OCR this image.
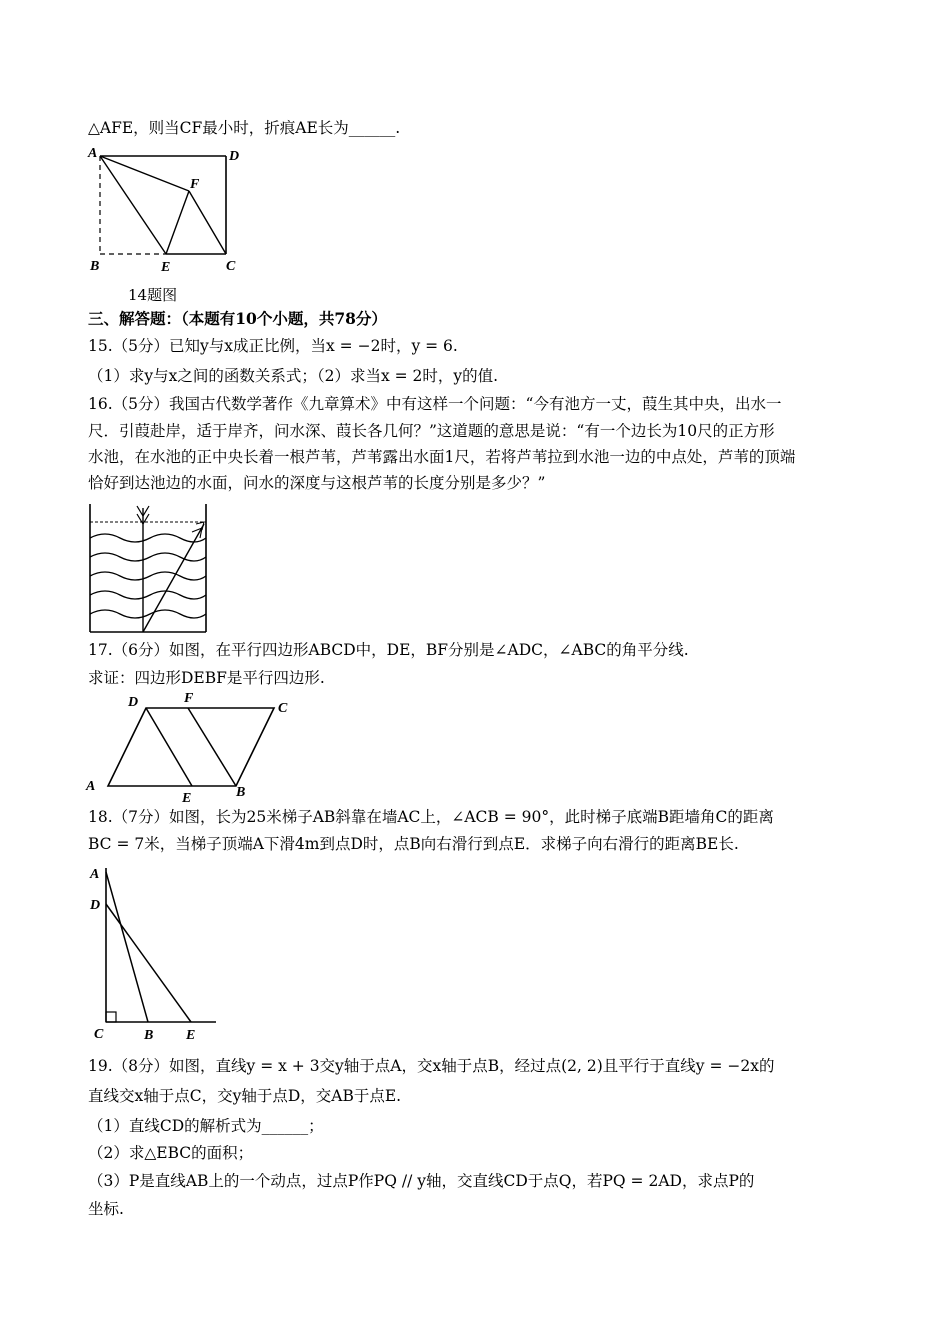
△AFE，则当CF最小时，折痕AE长为______.
A	D
F
B	E	C
14题图
三、解答题：（本题有10个小题，共78分）
15.（5分）已知y与x成正比例，当x = −2时，y = 6.
（1）求y与x之间的函数关系式；（2）求当x = 2时，y的值.
16.（5分）我国古代数学著作《九章算术》中有这样一个问题：“今有池方一丈，葭生其中央，出水一
尺．引葭赴岸，适于岸齐，问水深、葭长各几何？”这道题的意思是说：“有一个边长为10尺的正方形
水池，在水池的正中央长着一根芦苇，芦苇露出水面1尺，若将芦苇拉到水池一边的中点处，芦苇的顶端
恰好到达池边的水面，问水的深度与这根芦苇的长度分别是多少？”
17.（6分）如图，在平行四边形ABCD中，DE，BF分别是∠ADC，∠ABC的角平分线.
求证：四边形DEBF是平行四边形.
D	F
C
A
E	B
18.（7分）如图，长为25米梯子AB斜靠在墙AC上，∠ACB = 90°，此时梯子底端B距墙角C的距离
BC = 7米，当梯子顶端A下滑4m到点D时，点B向右滑行到点E．求梯子向右滑行的距离BE长.
A
D
C	B E
19.（8分）如图，直线y = x + 3交y轴于点A，交x轴于点B，经过点(2, 2)且平行于直线y = −2x的
直线交x轴于点C，交y轴于点D，交AB于点E.
（1）直线CD的解析式为______；
（2）求△EBC的面积；
（3）P是直线AB上的一个动点，过点P作PQ // y轴，交直线CD于点Q，若PQ = 2AD，求点P的
坐标.
